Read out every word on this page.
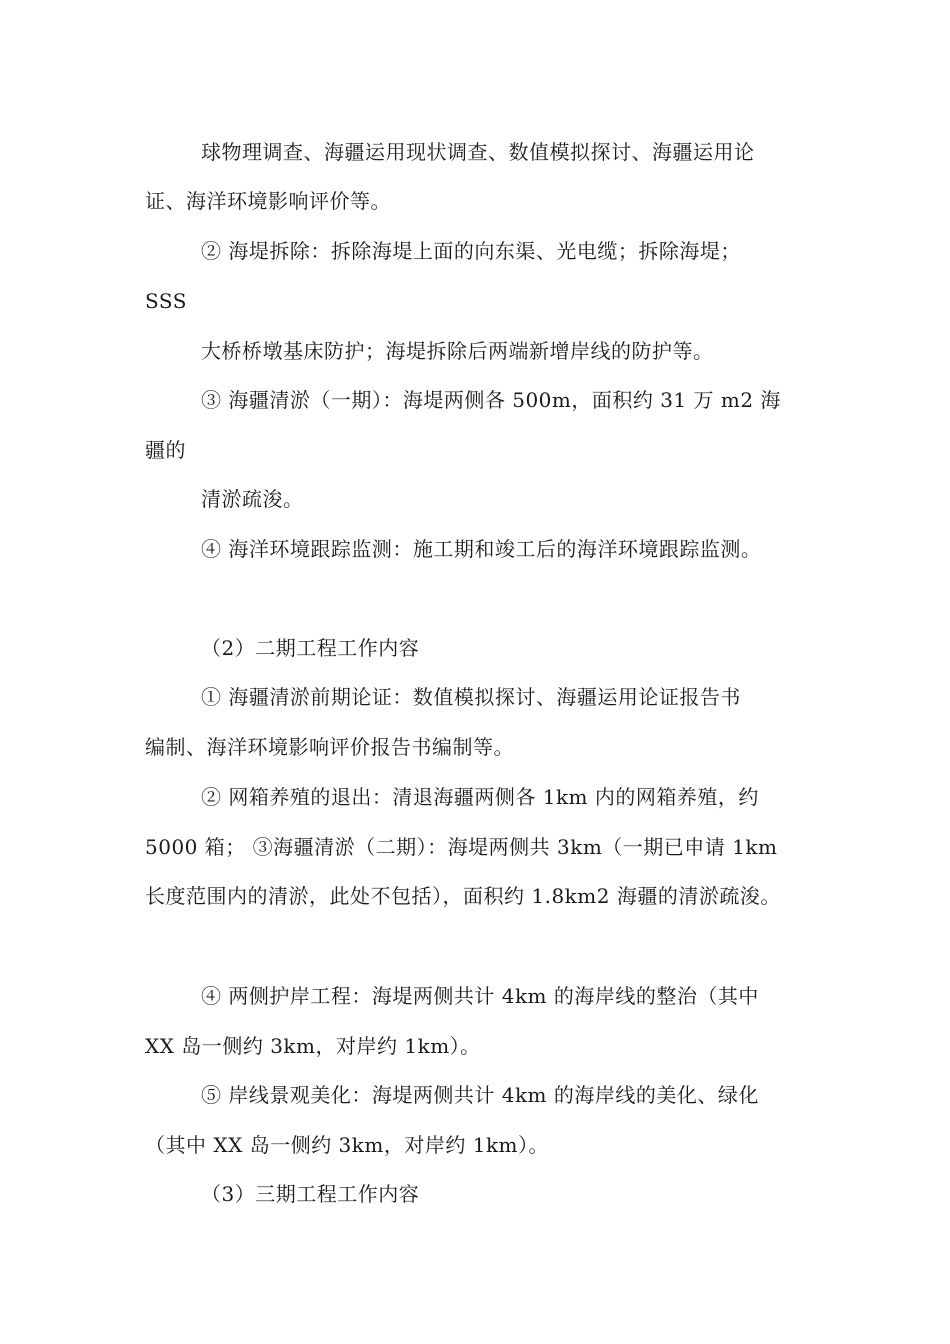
球物理调查、海疆运用现状调查、数值模拟探讨、海疆运用论
证、海洋环境影响评价等。
② 海堤拆除：拆除海堤上面的向东渠、光电缆；拆除海堤；
SSS
大桥桥墩基床防护；海堤拆除后两端新增岸线的防护等。
③ 海疆清淤（一期）：海堤两侧各 500m，面积约 31 万 m2 海
疆的
清淤疏浚。
④ 海洋环境跟踪监测：施工期和竣工后的海洋环境跟踪监测。
（2）二期工程工作内容
① 海疆清淤前期论证：数值模拟探讨、海疆运用论证报告书
编制、海洋环境影响评价报告书编制等。
② 网箱养殖的退出：清退海疆两侧各 1km 内的网箱养殖，约
5000 箱； ③海疆清淤（二期）：海堤两侧共 3km（一期已申请 1km
长度范围内的清淤，此处不包括），面积约 1.8km2 海疆的清淤疏浚。
④ 两侧护岸工程：海堤两侧共计 4km 的海岸线的整治（其中
XX 岛一侧约 3km，对岸约 1km）。
⑤ 岸线景观美化：海堤两侧共计 4km 的海岸线的美化、绿化
（其中 XX 岛一侧约 3km，对岸约 1km）。
（3）三期工程工作内容
